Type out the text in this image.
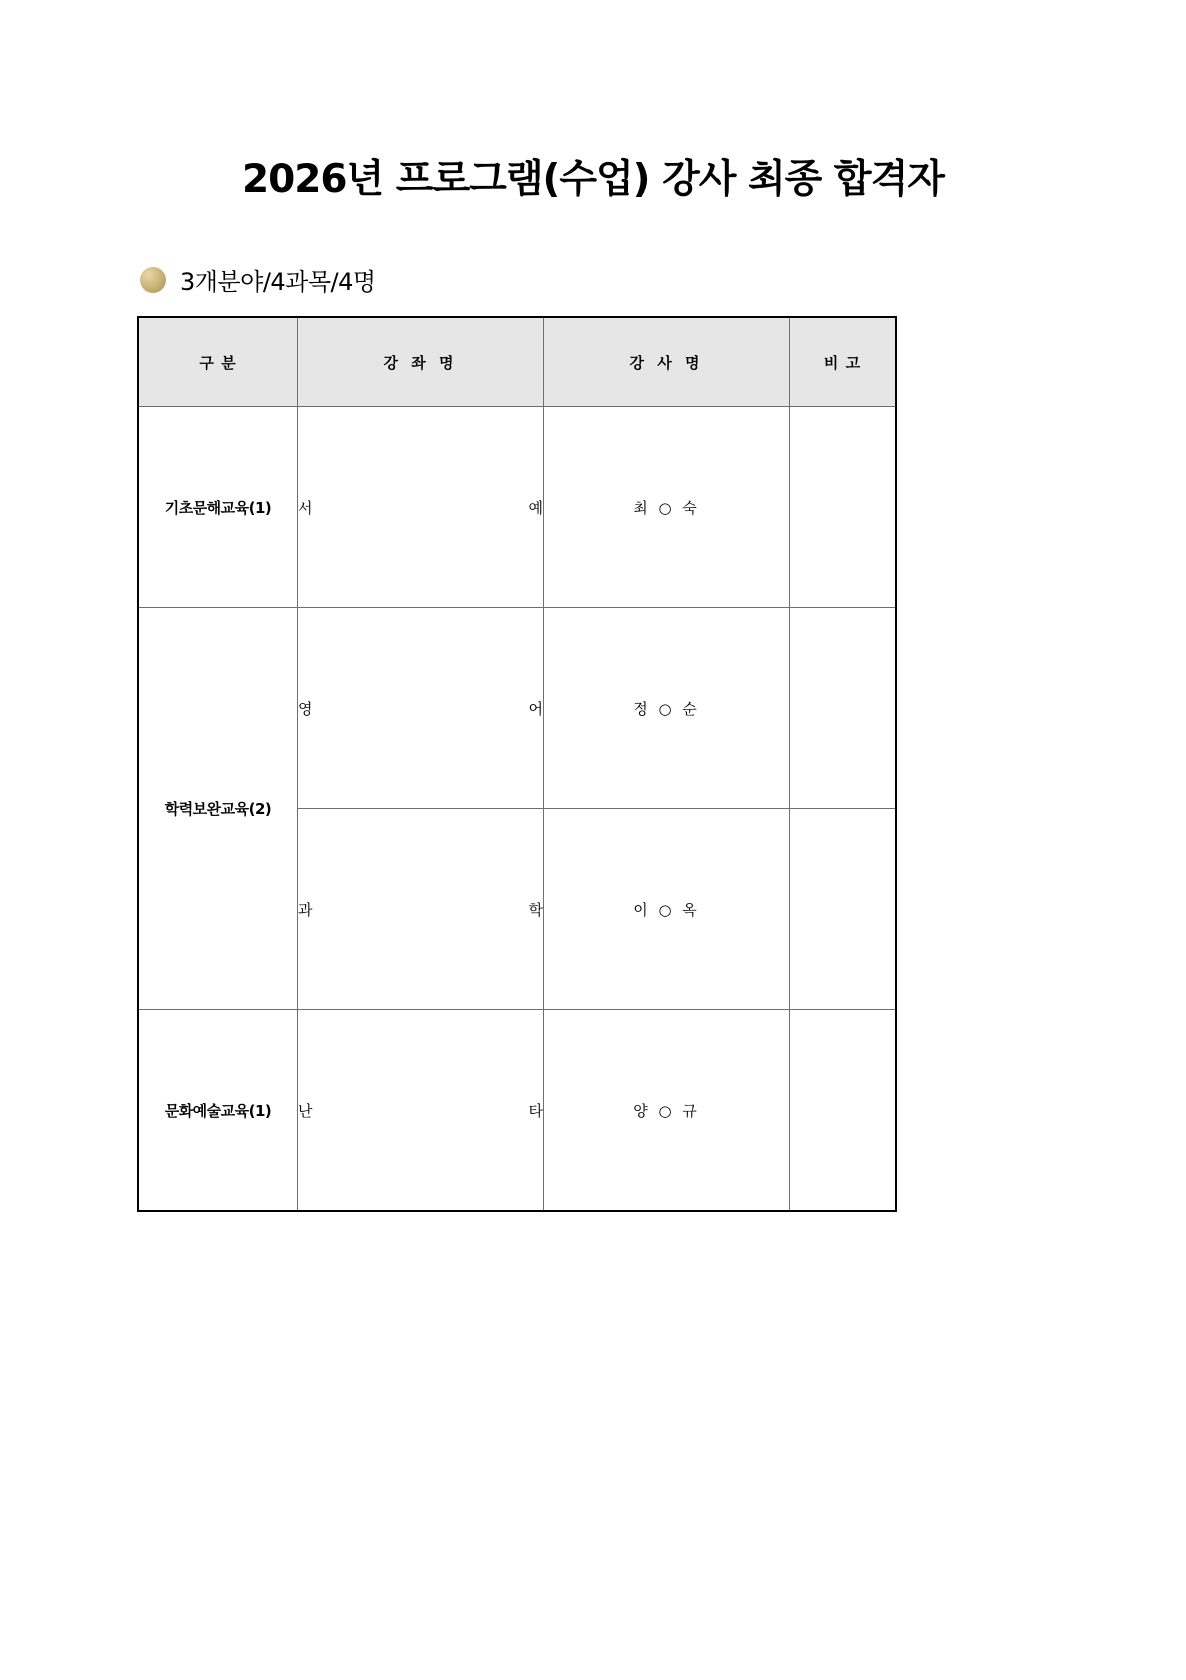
2026년 프로그램(수업) 강사 최종 합격자
3개분야/4과목/4명
구 분	강 좌 명	강 사 명	비 고
기초문해교육(1)	서 예	최 ○ 숙	
학력보완교육(2)	영 어	정 ○ 순	

	과 학	이 ○ 옥	
문화예술교육(1)	난 타	양 ○ 규	
